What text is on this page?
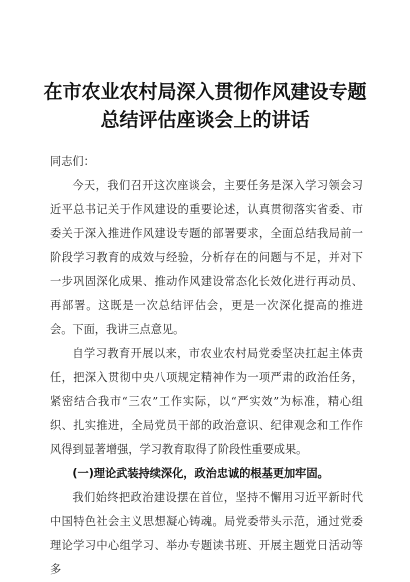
在市农业农村局深入贯彻作风建设专题总结评估座谈会上的讲话

同志们：

今天，我们召开这次座谈会，主要任务是深入学习领会习近平总书记关于作风建设的重要论述，认真贯彻落实省委、市委关于深入推进作风建设专题的部署要求，全面总结我局前一阶段学习教育的成效与经验，分析存在的问题与不足，并对下一步巩固深化成果、推动作风建设常态化长效化进行再动员、再部署。这既是一次总结评估会，更是一次深化提高的推进会。下面，我讲三点意见。

自学习教育开展以来，市农业农村局党委坚决扛起主体责任，把深入贯彻中央八项规定精神作为一项严肃的政治任务，紧密结合我市“三农”工作实际，以“严实效”为标准，精心组织、扎实推进，全局党员干部的政治意识、纪律观念和工作作风得到显著增强，学习教育取得了阶段性重要成果。

(一)理论武装持续深化，政治忠诚的根基更加牢固。

我们始终把政治建设摆在首位，坚持不懈用习近平新时代中国特色社会主义思想凝心铸魂。局党委带头示范，通过党委理论学习中心组学习、举办专题读书班、开展主题党日活动等多
